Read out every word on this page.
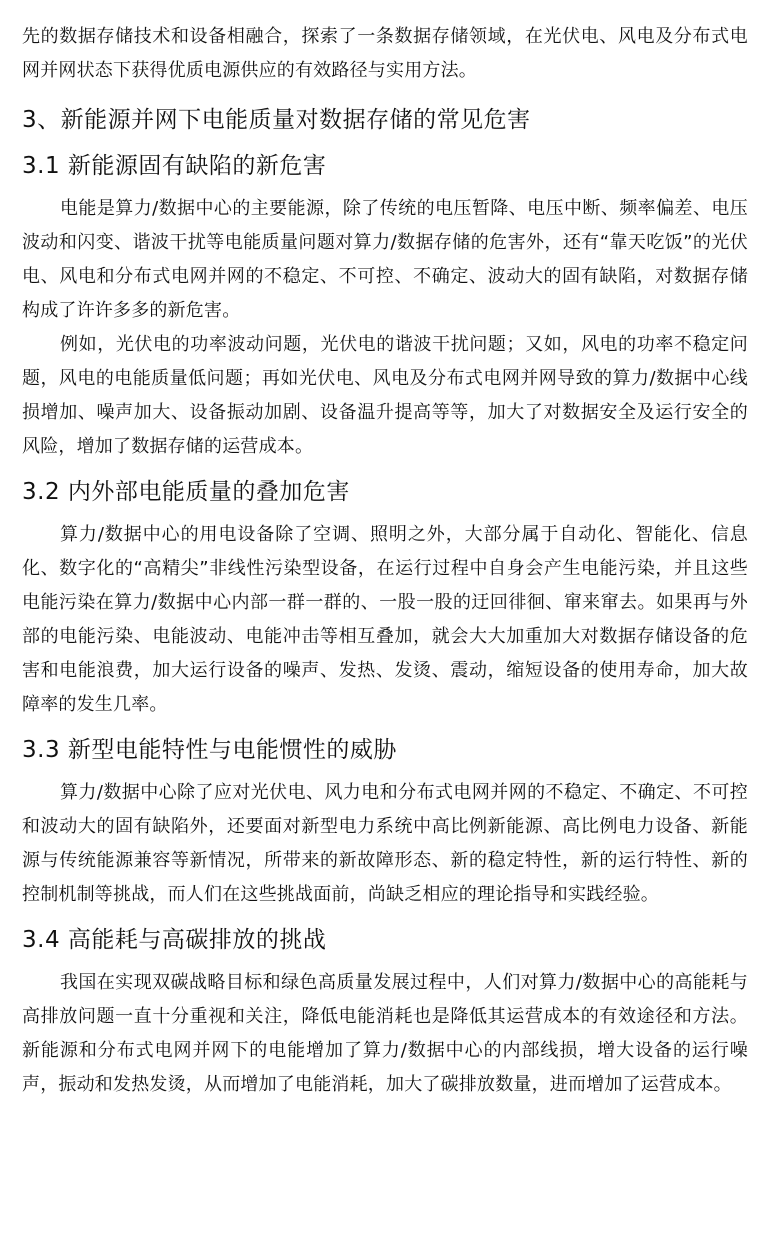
先的数据存储技术和设备相融合，探索了一条数据存储领域，在光伏电、风电及分布式电网并网状态下获得优质电源供应的有效路径与实用方法。

3、新能源并网下电能质量对数据存储的常见危害
3.1 新能源固有缺陷的新危害

电能是算力/数据中心的主要能源，除了传统的电压暂降、电压中断、频率偏差、电压波动和闪变、谐波干扰等电能质量问题对算力/数据存储的危害外，还有“靠天吃饭”的光伏电、风电和分布式电网并网的不稳定、不可控、不确定、波动大的固有缺陷，对数据存储构成了许许多多的新危害。

例如，光伏电的功率波动问题，光伏电的谐波干扰问题；又如，风电的功率不稳定问题，风电的电能质量低问题；再如光伏电、风电及分布式电网并网导致的算力/数据中心线损增加、噪声加大、设备振动加剧、设备温升提高等等，加大了对数据安全及运行安全的风险，增加了数据存储的运营成本。

3.2 内外部电能质量的叠加危害

算力/数据中心的用电设备除了空调、照明之外，大部分属于自动化、智能化、信息化、数字化的“高精尖”非线性污染型设备，在运行过程中自身会产生电能污染，并且这些电能污染在算力/数据中心内部一群一群的、一股一股的迂回徘徊、窜来窜去。如果再与外部的电能污染、电能波动、电能冲击等相互叠加，就会大大加重加大对数据存储设备的危害和电能浪费，加大运行设备的噪声、发热、发烫、震动，缩短设备的使用寿命，加大故障率的发生几率。

3.3 新型电能特性与电能惯性的威胁

算力/数据中心除了应对光伏电、风力电和分布式电网并网的不稳定、不确定、不可控和波动大的固有缺陷外，还要面对新型电力系统中高比例新能源、高比例电力设备、新能源与传统能源兼容等新情况，所带来的新故障形态、新的稳定特性，新的运行特性、新的控制机制等挑战，而人们在这些挑战面前，尚缺乏相应的理论指导和实践经验。

3.4 高能耗与高碳排放的挑战

我国在实现双碳战略目标和绿色高质量发展过程中，人们对算力/数据中心的高能耗与高排放问题一直十分重视和关注，降低电能消耗也是降低其运营成本的有效途径和方法。新能源和分布式电网并网下的电能增加了算力/数据中心的内部线损，增大设备的运行噪声，振动和发热发烫，从而增加了电能消耗，加大了碳排放数量，进而增加了运营成本。
